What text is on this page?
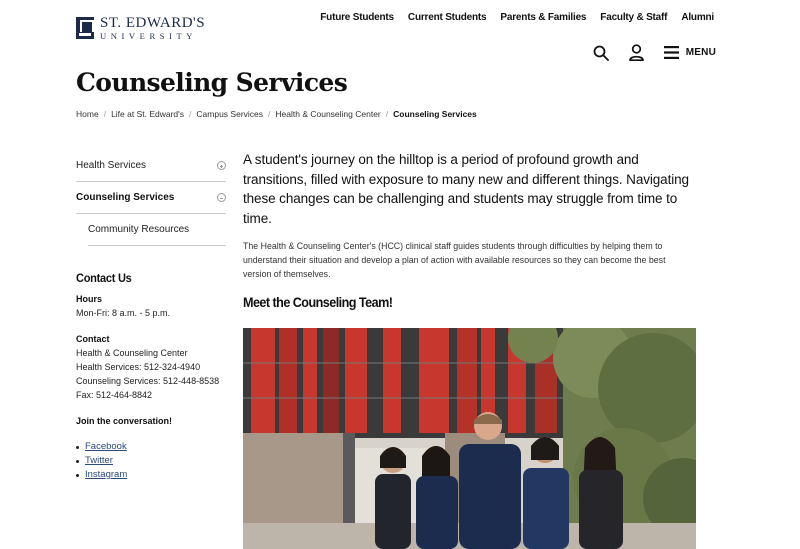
ST. EDWARD'S
UNIVERSITY
Future Students Current Students Parents & Families Faculty & Staff Alumni
MENU
Counseling Services
Home / Life at St. Edward's / Campus Services / Health & Counseling Center / Counseling Services
Health Services
Counseling Services
Community Resources
Contact Us
Hours
Mon-Fri: 8 a.m. - 5 p.m.
Contact
Health & Counseling Center
Health Services: 512-324-4940
Counseling Services: 512-448-8538
Fax: 512-464-8842
Join the conversation!
Facebook
Twitter
Instagram

A student's journey on the hilltop is a period of profound growth and transitions, filled with exposure to many new and different things. Navigating these changes can be challenging and students may struggle from time to time.

The Health & Counseling Center's (HCC) clinical staff guides students through difficulties by helping them to understand their situation and develop a plan of action with available resources so they can become the best version of themselves.

Meet the Counseling Team!
